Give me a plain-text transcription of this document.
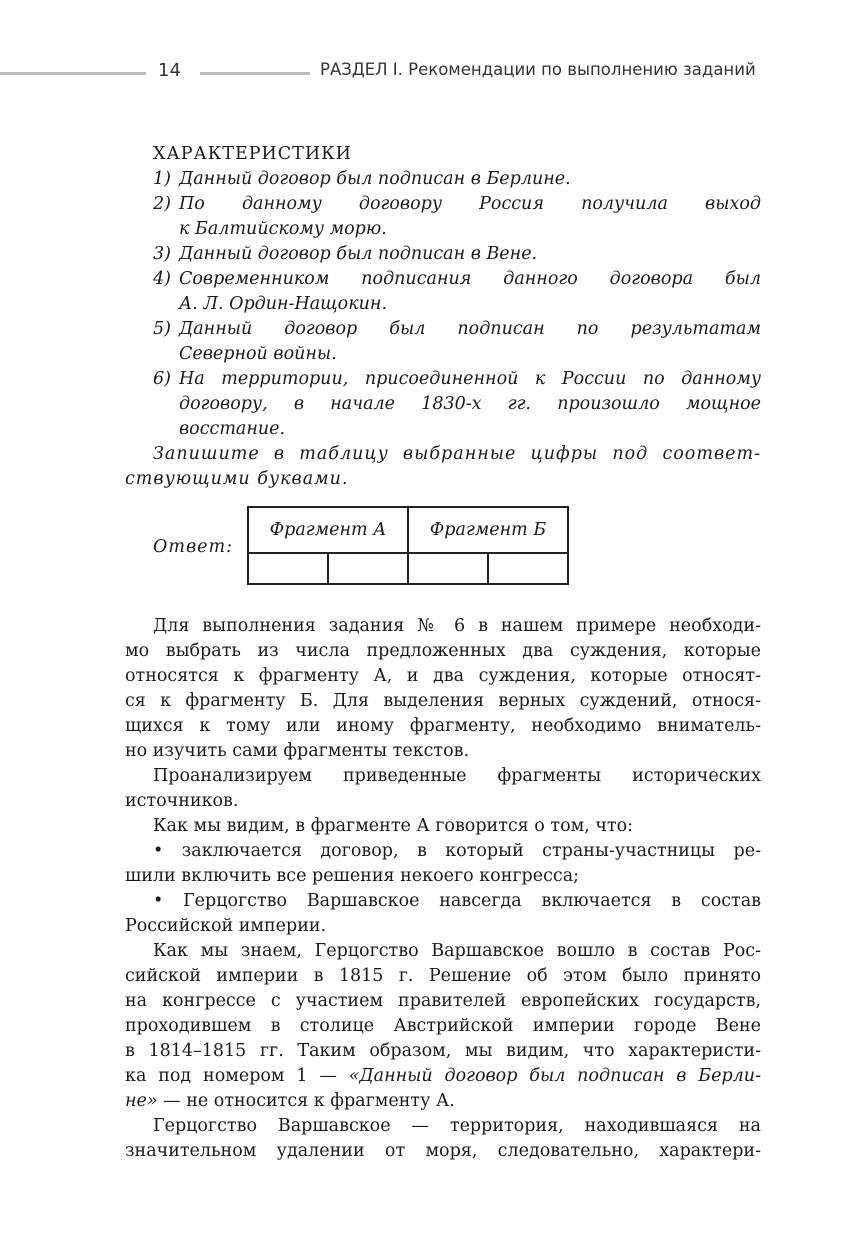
14	РАЗДЕЛ I. Рекомендации по выполнению заданий
ХАРАКТЕРИСТИКИ
1) Данный договор был подписан в Берлине.
2) По данному договору Россия получила выход
к Балтийскому морю.
3) Данный договор был подписан в Вене.
4) Современником подписания данного договора был
А. Л. Ордин-Нащокин.
5) Данный договор был подписан по результатам
Северной войны.
6) На территории, присоединенной к России по данному
договору, в начале 1830-х гг. произошло мощное
восстание.
Запишите в таблицу выбранные цифры под соответ-
ствующими буквами.
Ответ:
Фрагмент А		Фрагмент Б	

Для выполнения задания № 6 в нашем примере необходи-
мо выбрать из числа предложенных два суждения, которые
относятся к фрагменту А, и два суждения, которые относят-
ся к фрагменту Б. Для выделения верных суждений, относя-
щихся к тому или иному фрагменту, необходимо вниматель-
но изучить сами фрагменты текстов.
Проанализируем приведенные фрагменты исторических
источников.
Как мы видим, в фрагменте А говорится о том, что:
• заключается договор, в который страны-участницы ре-
шили включить все решения некоего конгресса;
• Герцогство Варшавское навсегда включается в состав
Российской империи.
Как мы знаем, Герцогство Варшавское вошло в состав Рос-
сийской империи в 1815 г. Решение об этом было принято
на конгрессе с участием правителей европейских государств,
проходившем в столице Австрийской империи городе Вене
в 1814–1815 гг. Таким образом, мы видим, что характеристи-
ка под номером 1 — «Данный договор был подписан в Берли-
не» — не относится к фрагменту А.
Герцогство Варшавское — территория, находившаяся на
значительном удалении от моря, следовательно, характери-
